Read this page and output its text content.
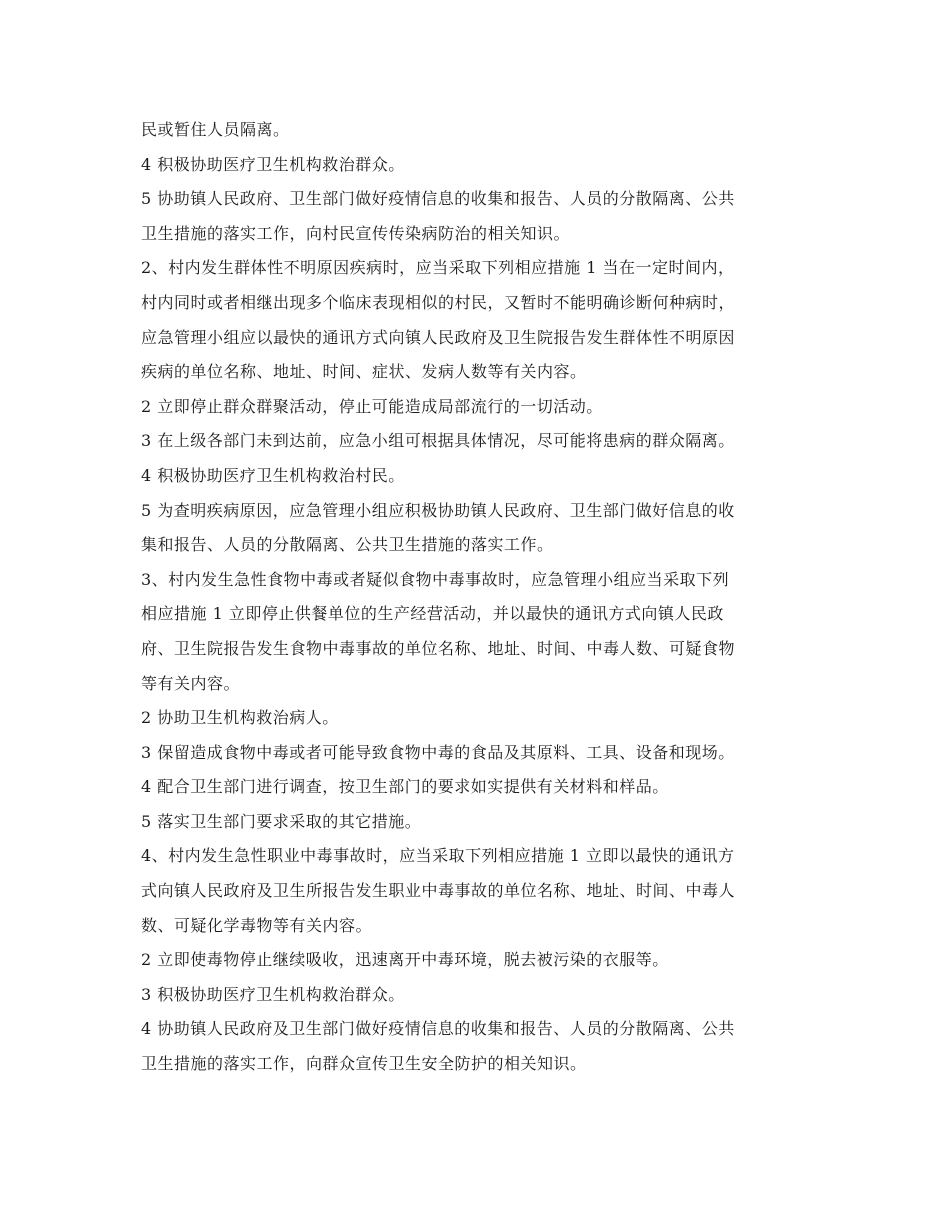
民或暂住人员隔离。
4 积极协助医疗卫生机构救治群众。
5 协助镇人民政府、卫生部门做好疫情信息的收集和报告、人员的分散隔离、公共
卫生措施的落实工作，向村民宣传传染病防治的相关知识。
2、村内发生群体性不明原因疾病时，应当采取下列相应措施 1 当在一定时间内，
村内同时或者相继出现多个临床表现相似的村民，又暂时不能明确诊断何种病时，
应急管理小组应以最快的通讯方式向镇人民政府及卫生院报告发生群体性不明原因
疾病的单位名称、地址、时间、症状、发病人数等有关内容。
2 立即停止群众群聚活动，停止可能造成局部流行的一切活动。
3 在上级各部门未到达前，应急小组可根据具体情况，尽可能将患病的群众隔离。
4 积极协助医疗卫生机构救治村民。
5 为查明疾病原因，应急管理小组应积极协助镇人民政府、卫生部门做好信息的收
集和报告、人员的分散隔离、公共卫生措施的落实工作。
3、村内发生急性食物中毒或者疑似食物中毒事故时，应急管理小组应当采取下列
相应措施 1 立即停止供餐单位的生产经营活动，并以最快的通讯方式向镇人民政
府、卫生院报告发生食物中毒事故的单位名称、地址、时间、中毒人数、可疑食物
等有关内容。
2 协助卫生机构救治病人。
3 保留造成食物中毒或者可能导致食物中毒的食品及其原料、工具、设备和现场。
4 配合卫生部门进行调查，按卫生部门的要求如实提供有关材料和样品。
5 落实卫生部门要求采取的其它措施。
4、村内发生急性职业中毒事故时，应当采取下列相应措施 1 立即以最快的通讯方
式向镇人民政府及卫生所报告发生职业中毒事故的单位名称、地址、时间、中毒人
数、可疑化学毒物等有关内容。
2 立即使毒物停止继续吸收，迅速离开中毒环境，脱去被污染的衣服等。
3 积极协助医疗卫生机构救治群众。
4 协助镇人民政府及卫生部门做好疫情信息的收集和报告、人员的分散隔离、公共
卫生措施的落实工作，向群众宣传卫生安全防护的相关知识。
